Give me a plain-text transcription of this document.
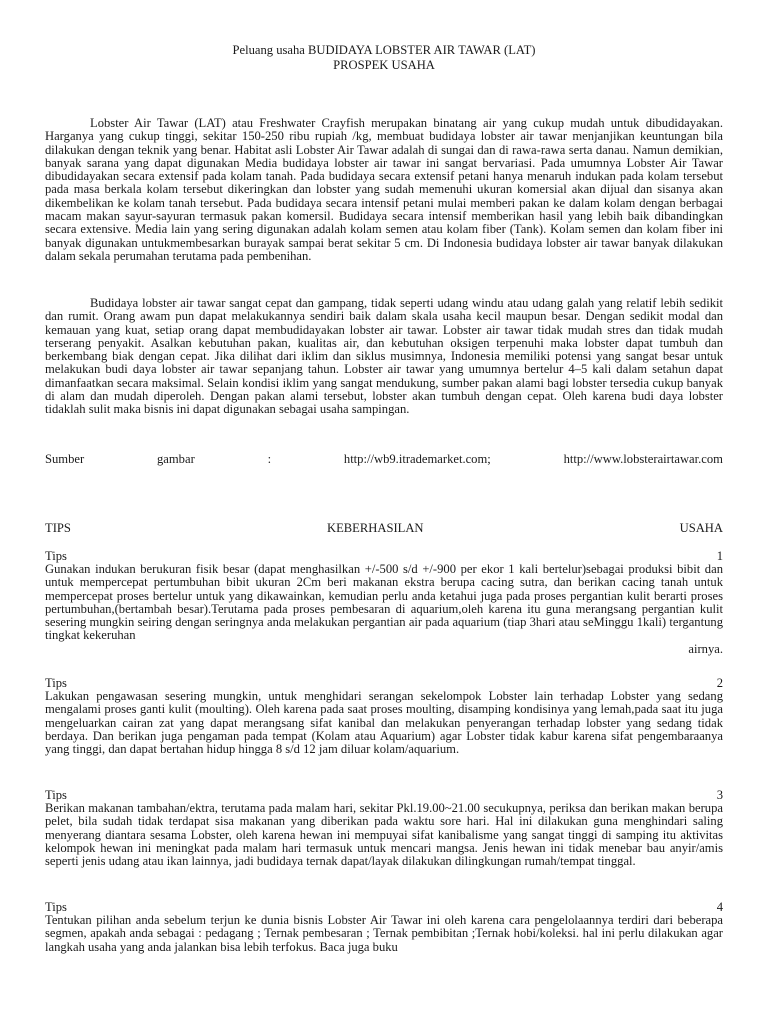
Peluang usaha BUDIDAYA LOBSTER AIR TAWAR (LAT)
PROSPEK USAHA

Lobster Air Tawar (LAT) atau Freshwater Crayfish merupakan binatang air yang cukup mudah untuk dibudidayakan. Harganya yang cukup tinggi, sekitar 150-250 ribu rupiah /kg, membuat budidaya lobster air tawar menjanjikan keuntungan bila dilakukan dengan teknik yang benar. Habitat asli Lobster Air Tawar adalah di sungai dan di rawa-rawa serta danau. Namun demikian, banyak sarana yang dapat digunakan Media budidaya lobster air tawar ini sangat bervariasi. Pada umumnya Lobster Air Tawar dibudidayakan secara extensif pada kolam tanah. Pada budidaya secara extensif petani hanya menaruh indukan pada kolam tersebut pada masa berkala kolam tersebut dikeringkan dan lobster yang sudah memenuhi ukuran komersial akan dijual dan sisanya akan dikembelikan ke kolam tanah tersebut. Pada budidaya secara intensif petani mulai memberi pakan ke dalam kolam dengan berbagai macam makan sayur-sayuran termasuk pakan komersil. Budidaya secara intensif memberikan hasil yang lebih baik dibandingkan secara extensive. Media lain yang sering digunakan adalah kolam semen atau kolam fiber (Tank). Kolam semen dan kolam fiber ini banyak digunakan untukmembesarkan burayak sampai berat sekitar 5 cm. Di Indonesia budidaya lobster air tawar banyak dilakukan dalam sekala perumahan terutama pada pembenihan.

Budidaya lobster air tawar sangat cepat dan gampang, tidak seperti udang windu atau udang galah yang relatif lebih sedikit dan rumit. Orang awam pun dapat melakukannya sendiri baik dalam skala usaha kecil maupun besar. Dengan sedikit modal dan kemauan yang kuat, setiap orang dapat membudidayakan lobster air tawar. Lobster air tawar tidak mudah stres dan tidak mudah terserang penyakit. Asalkan kebutuhan pakan, kualitas air, dan kebutuhan oksigen terpenuhi maka lobster dapat tumbuh dan berkembang biak dengan cepat. Jika dilihat dari iklim dan siklus musimnya, Indonesia memiliki potensi yang sangat besar untuk melakukan budi daya lobster air tawar sepanjang tahun. Lobster air tawar yang umumnya bertelur 4–5 kali dalam setahun dapat dimanfaatkan secara maksimal. Selain kondisi iklim yang sangat mendukung, sumber pakan alami bagi lobster tersedia cukup banyak di alam dan mudah diperoleh. Dengan pakan alami tersebut, lobster akan tumbuh dengan cepat. Oleh karena budi daya lobster tidaklah sulit maka bisnis ini dapat digunakan sebagai usaha sampingan.

Sumber	gambar	:	http://wb9.itrademarket.com;	http://www.lobsterairtawar.com
TIPS	KEBERHASILAN	USAHA
Tips	1
Gunakan indukan berukuran fisik besar (dapat menghasilkan +/-500 s/d +/-900 per ekor 1 kali bertelur)sebagai produksi bibit dan untuk mempercepat pertumbuhan bibit ukuran 2Cm beri makanan ekstra berupa cacing sutra, dan berikan cacing tanah untuk mempercepat proses bertelur untuk yang dikawainkan, kemudian perlu anda ketahui juga pada proses pergantian kulit berarti proses pertumbuhan,(bertambah besar).Terutama pada proses pembesaran di aquarium,oleh karena itu guna merangsang pergantian kulit sesering mungkin seiring dengan seringnya anda melakukan pergantian air pada aquarium (tiap 3hari atau seMinggu 1kali) tergantung tingkat kekeruhan
airnya.
Tips	2
Lakukan pengawasan sesering mungkin, untuk menghidari serangan sekelompok Lobster lain terhadap Lobster yang sedang mengalami proses ganti kulit (moulting). Oleh karena pada saat proses moulting, disamping kondisinya yang lemah,pada saat itu juga mengeluarkan cairan zat yang dapat merangsang sifat kanibal dan melakukan penyerangan terhadap lobster yang sedang tidak berdaya. Dan berikan juga pengaman pada tempat (Kolam atau Aquarium) agar Lobster tidak kabur karena sifat pengembaraanya yang tinggi, dan dapat bertahan hidup hingga 8 s/d 12 jam diluar kolam/aquarium.
Tips	3
Berikan makanan tambahan/ektra, terutama pada malam hari, sekitar Pkl.19.00~21.00 secukupnya, periksa dan berikan makan berupa pelet, bila sudah tidak terdapat sisa makanan yang diberikan pada waktu sore hari. Hal ini dilakukan guna menghindari saling menyerang diantara sesama Lobster, oleh karena hewan ini mempuyai sifat kanibalisme yang sangat tinggi di samping itu aktivitas kelompok hewan ini meningkat pada malam hari termasuk untuk mencari mangsa. Jenis hewan ini tidak menebar bau anyir/amis seperti jenis udang atau ikan lainnya, jadi budidaya ternak dapat/layak dilakukan dilingkungan rumah/tempat tinggal.
Tips	4
Tentukan pilihan anda sebelum terjun ke dunia bisnis Lobster Air Tawar ini oleh karena cara pengelolaannya terdiri dari beberapa segmen, apakah anda sebagai : pedagang ; Ternak pembesaran ; Ternak pembibitan ;Ternak hobi/koleksi. hal ini perlu dilakukan agar langkah usaha yang anda jalankan bisa lebih terfokus. Baca juga buku
